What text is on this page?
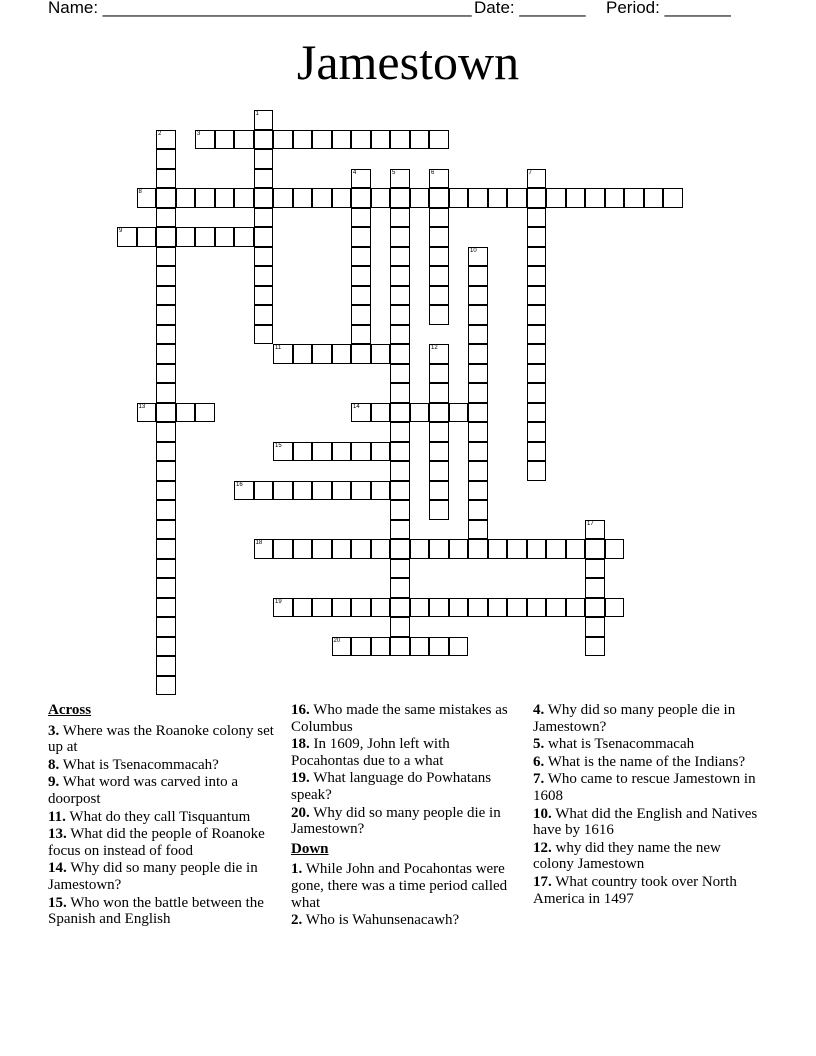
Name: _______________________________________ Date: _______ Period: _______
Jamestown
3
8
9
11
13	14
15
16
18
19
20
1
2
4	5	6	7
10
12
17
Across
3. Where was the Roanoke colony set up at
8. What is Tsenacommacah?
9. What word was carved into a doorpost
11. What do they call Tisquantum
13. What did the people of Roanoke focus on instead of food
14. Why did so many people die in Jamestown?
15. Who won the battle between the Spanish and English
16. Who made the same mistakes as Columbus
18. In 1609, John left with Pocahontas due to a what
19. What language do Powhatans speak?
20. Why did so many people die in Jamestown?
Down
1. While John and Pocahontas were gone, there was a time period called what
2. Who is Wahunsenacawh?
4. Why did so many people die in Jamestown?
5. what is Tsenacommacah
6. What is the name of the Indians?
7. Who came to rescue Jamestown in 1608
10. What did the English and Natives have by 1616
12. why did they name the new colony Jamestown
17. What country took over North America in 1497
